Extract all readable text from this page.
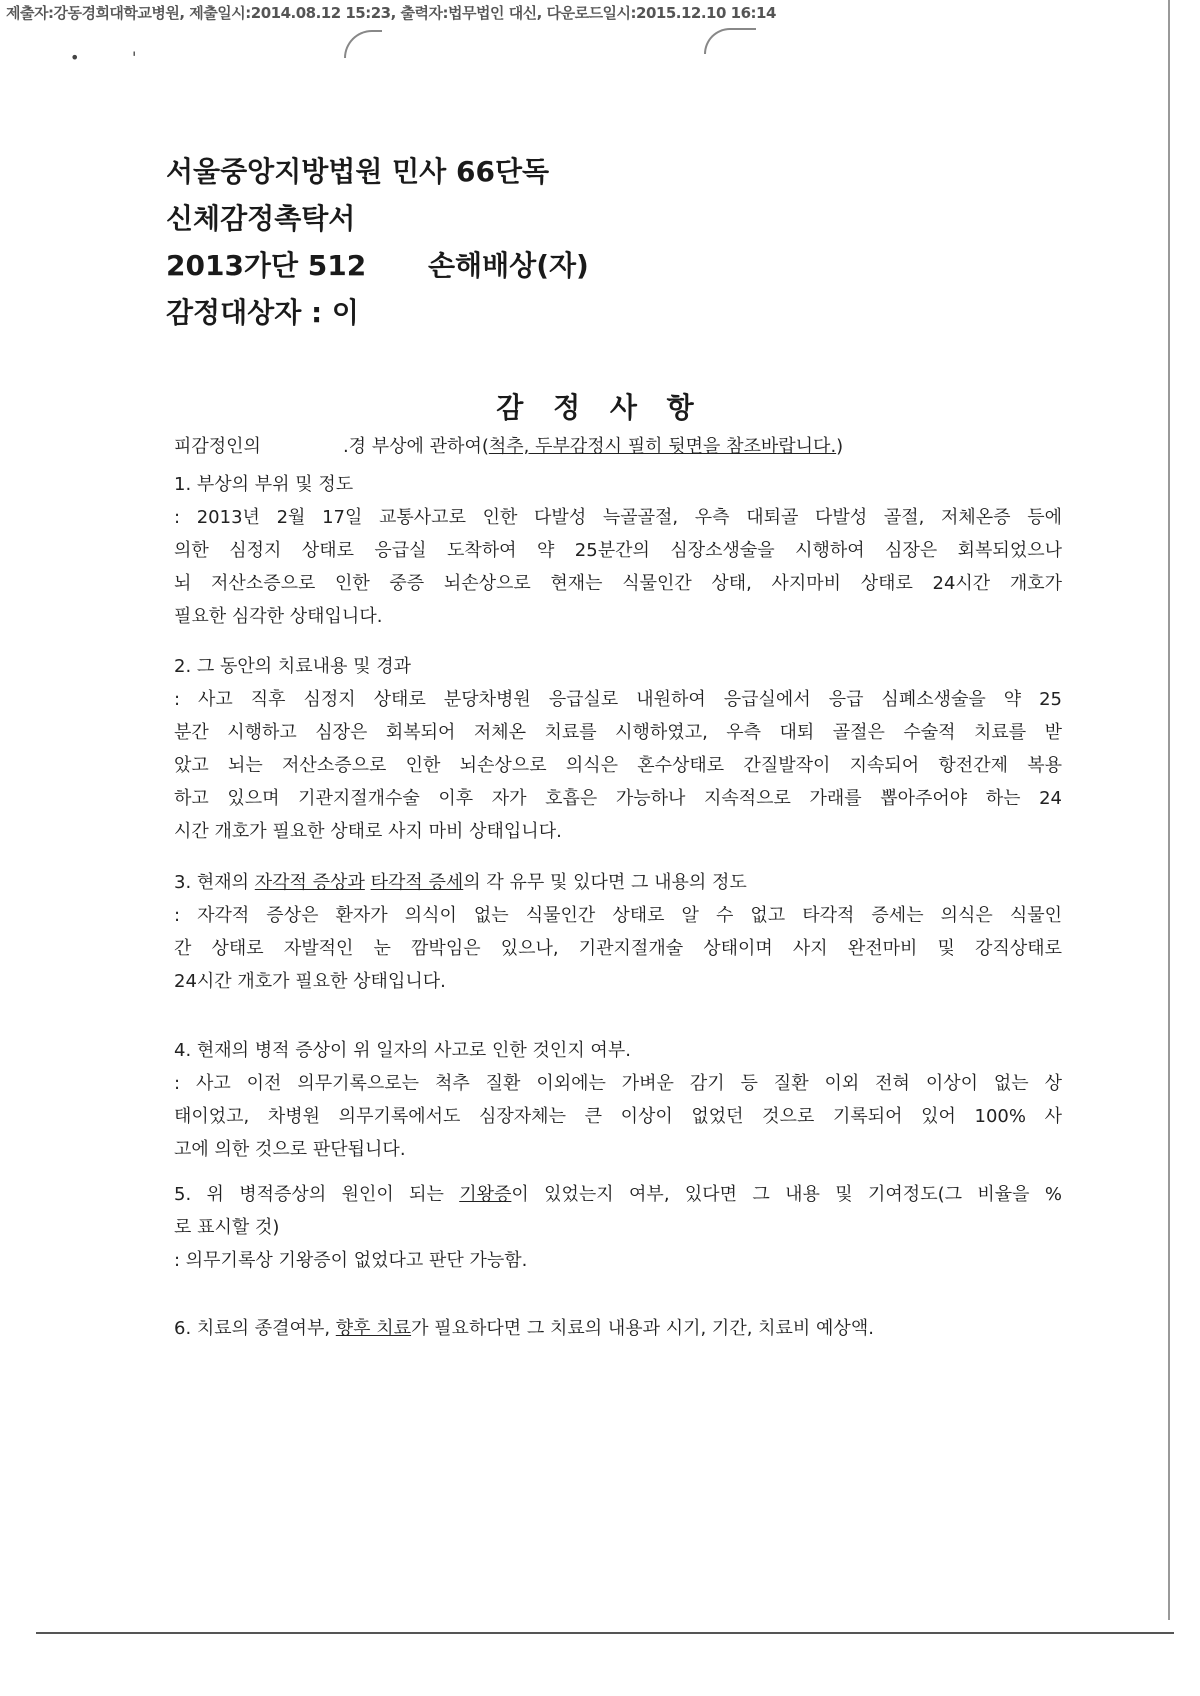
제출자:강동경희대학교병원, 제출일시:2014.08.12 15:23, 출력자:법무법인 대신, 다운로드일시:2015.12.10 16:14
•	'
서울중앙지방법원 민사 66단독
신체감정촉탁서
2013가단 512 손해배상(자)
감정대상자 : 이
감 정 사 항
피감정인의	.경 부상에 관하여(척추, 두부감정시 필히 뒷면을 참조바랍니다.)
1. 부상의 부위 및 정도
: 2013년 2월 17일 교통사고로 인한 다발성 늑골골절, 우측 대퇴골 다발성 골절, 저체온증 등에
의한 심정지 상태로 응급실 도착하여 약 25분간의 심장소생술을 시행하여 심장은 회복되었으나
뇌 저산소증으로 인한 중증 뇌손상으로 현재는 식물인간 상태, 사지마비 상태로 24시간 개호가
필요한 심각한 상태입니다.
2. 그 동안의 치료내용 및 경과
: 사고 직후 심정지 상태로 분당차병원 응급실로 내원하여 응급실에서 응급 심폐소생술을 약 25
분간 시행하고 심장은 회복되어 저체온 치료를 시행하였고, 우측 대퇴 골절은 수술적 치료를 받
았고 뇌는 저산소증으로 인한 뇌손상으로 의식은 혼수상태로 간질발작이 지속되어 항전간제 복용
하고 있으며 기관지절개수술 이후 자가 호흡은 가능하나 지속적으로 가래를 뽑아주어야 하는 24
시간 개호가 필요한 상태로 사지 마비 상태입니다.
3. 현재의 자각적 증상과 타각적 증세의 각 유무 및 있다면 그 내용의 정도
: 자각적 증상은 환자가 의식이 없는 식물인간 상태로 알 수 없고 타각적 증세는 의식은 식물인
간 상태로 자발적인 눈 깜박임은 있으나, 기관지절개술 상태이며 사지 완전마비 및 강직상태로
24시간 개호가 필요한 상태입니다.
4. 현재의 병적 증상이 위 일자의 사고로 인한 것인지 여부.
: 사고 이전 의무기록으로는 척추 질환 이외에는 가벼운 감기 등 질환 이외 전혀 이상이 없는 상
태이었고, 차병원 의무기록에서도 심장자체는 큰 이상이 없었던 것으로 기록되어 있어 100% 사
고에 의한 것으로 판단됩니다.
5. 위 병적증상의 원인이 되는 기왕증이 있었는지 여부, 있다면 그 내용 및 기여정도(그 비율을 %
로 표시할 것)
: 의무기록상 기왕증이 없었다고 판단 가능함.
6. 치료의 종결여부, 향후 치료가 필요하다면 그 치료의 내용과 시기, 기간, 치료비 예상액.
